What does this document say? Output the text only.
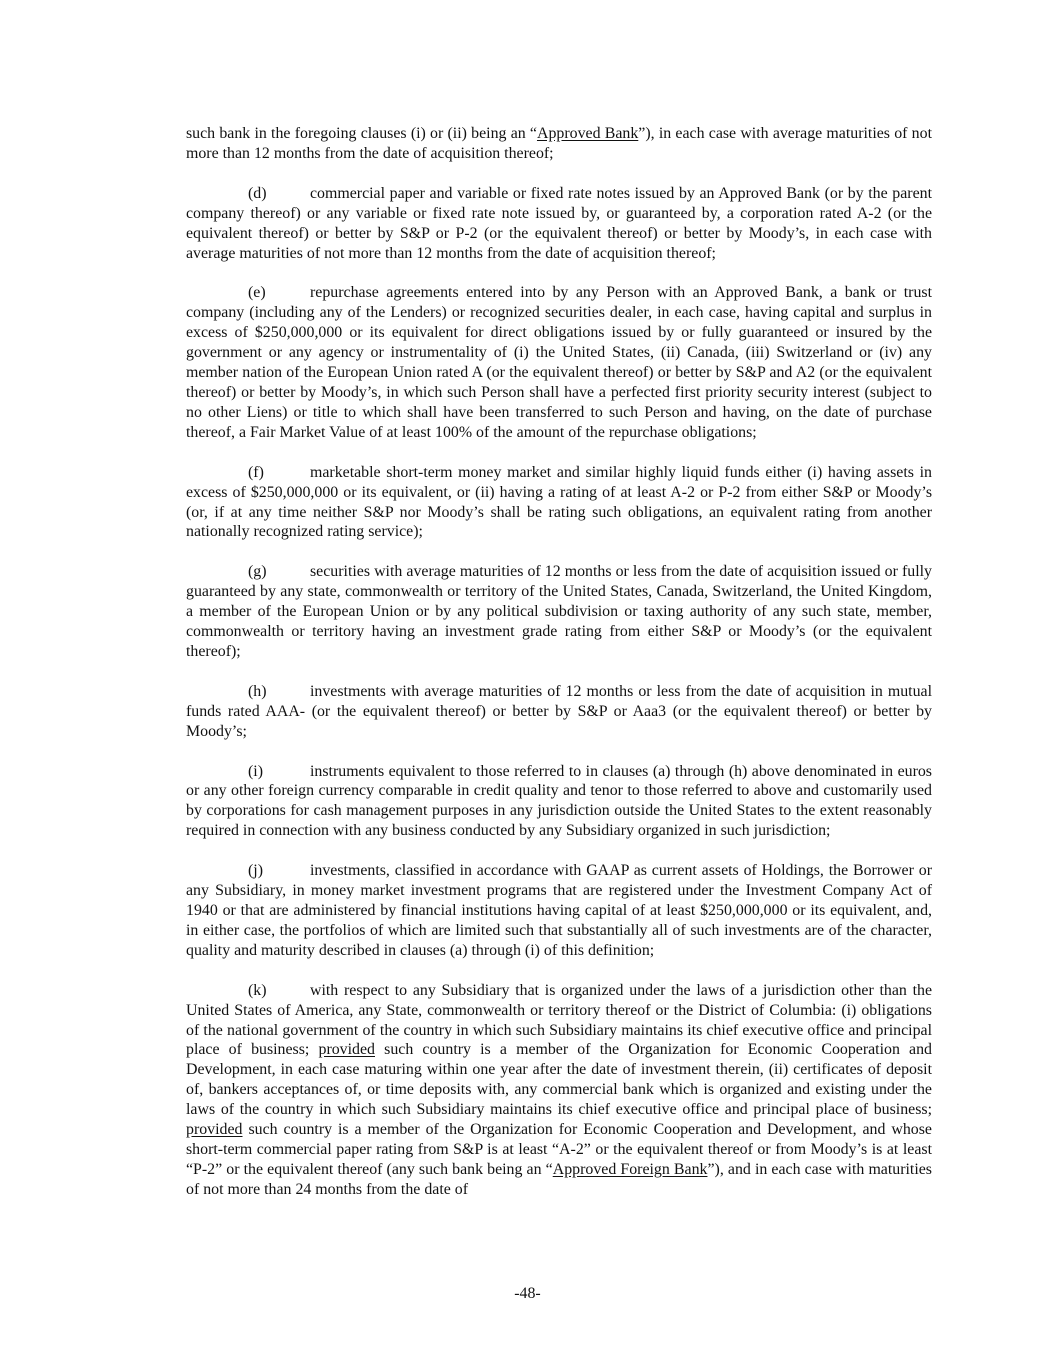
such bank in the foregoing clauses (i) or (ii) being an “Approved Bank”), in each case with average maturities of not more than 12 months from the date of acquisition thereof;

(d)	commercial paper and variable or fixed rate notes issued by an Approved Bank (or by the parent company thereof) or any variable or fixed rate note issued by, or guaranteed by, a corporation rated A-2 (or the equivalent thereof) or better by S&P or P-2 (or the equivalent thereof) or better by Moody’s, in each case with average maturities of not more than 12 months from the date of acquisition thereof;

(e)	repurchase agreements entered into by any Person with an Approved Bank, a bank or trust company (including any of the Lenders) or recognized securities dealer, in each case, having capital and surplus in excess of $250,000,000 or its equivalent for direct obligations issued by or fully guaranteed or insured by the government or any agency or instrumentality of (i) the United States, (ii) Canada, (iii) Switzerland or (iv) any member nation of the European Union rated A (or the equivalent thereof) or better by S&P and A2 (or the equivalent thereof) or better by Moody’s, in which such Person shall have a perfected first priority security interest (subject to no other Liens) or title to which shall have been transferred to such Person and having, on the date of purchase thereof, a Fair Market Value of at least 100% of the amount of the repurchase obligations;

(f)	marketable short-term money market and similar highly liquid funds either (i) having assets in excess of $250,000,000 or its equivalent, or (ii) having a rating of at least A-2 or P-2 from either S&P or Moody’s (or, if at any time neither S&P nor Moody’s shall be rating such obligations, an equivalent rating from another nationally recognized rating service);

(g)	securities with average maturities of 12 months or less from the date of acquisition issued or fully guaranteed by any state, commonwealth or territory of the United States, Canada, Switzerland, the United Kingdom, a member of the European Union or by any political subdivision or taxing authority of any such state, member, commonwealth or territory having an investment grade rating from either S&P or Moody’s (or the equivalent thereof);

(h)	investments with average maturities of 12 months or less from the date of acquisition in mutual funds rated AAA- (or the equivalent thereof) or better by S&P or Aaa3 (or the equivalent thereof) or better by Moody’s;

(i)	instruments equivalent to those referred to in clauses (a) through (h) above denominated in euros or any other foreign currency comparable in credit quality and tenor to those referred to above and customarily used by corporations for cash management purposes in any jurisdiction outside the United States to the extent reasonably required in connection with any business conducted by any Subsidiary organized in such jurisdiction;

(j)	investments, classified in accordance with GAAP as current assets of Holdings, the Borrower or any Subsidiary, in money market investment programs that are registered under the Investment Company Act of 1940 or that are administered by financial institutions having capital of at least $250,000,000 or its equivalent, and, in either case, the portfolios of which are limited such that substantially all of such investments are of the character, quality and maturity described in clauses (a) through (i) of this definition;

(k)	with respect to any Subsidiary that is organized under the laws of a jurisdiction other than the United States of America, any State, commonwealth or territory thereof or the District of Columbia: (i) obligations of the national government of the country in which such Subsidiary maintains its chief executive office and principal place of business; provided such country is a member of the Organization for Economic Cooperation and Development, in each case maturing within one year after the date of investment therein, (ii) certificates of deposit of, bankers acceptances of, or time deposits with, any commercial bank which is organized and existing under the laws of the country in which such Subsidiary maintains its chief executive office and principal place of business; provided such country is a member of the Organization for Economic Cooperation and Development, and whose short-term commercial paper rating from S&P is at least “A-2” or the equivalent thereof or from Moody’s is at least “P-2” or the equivalent thereof (any such bank being an “Approved Foreign Bank”), and in each case with maturities of not more than 24 months from the date of

-48-
